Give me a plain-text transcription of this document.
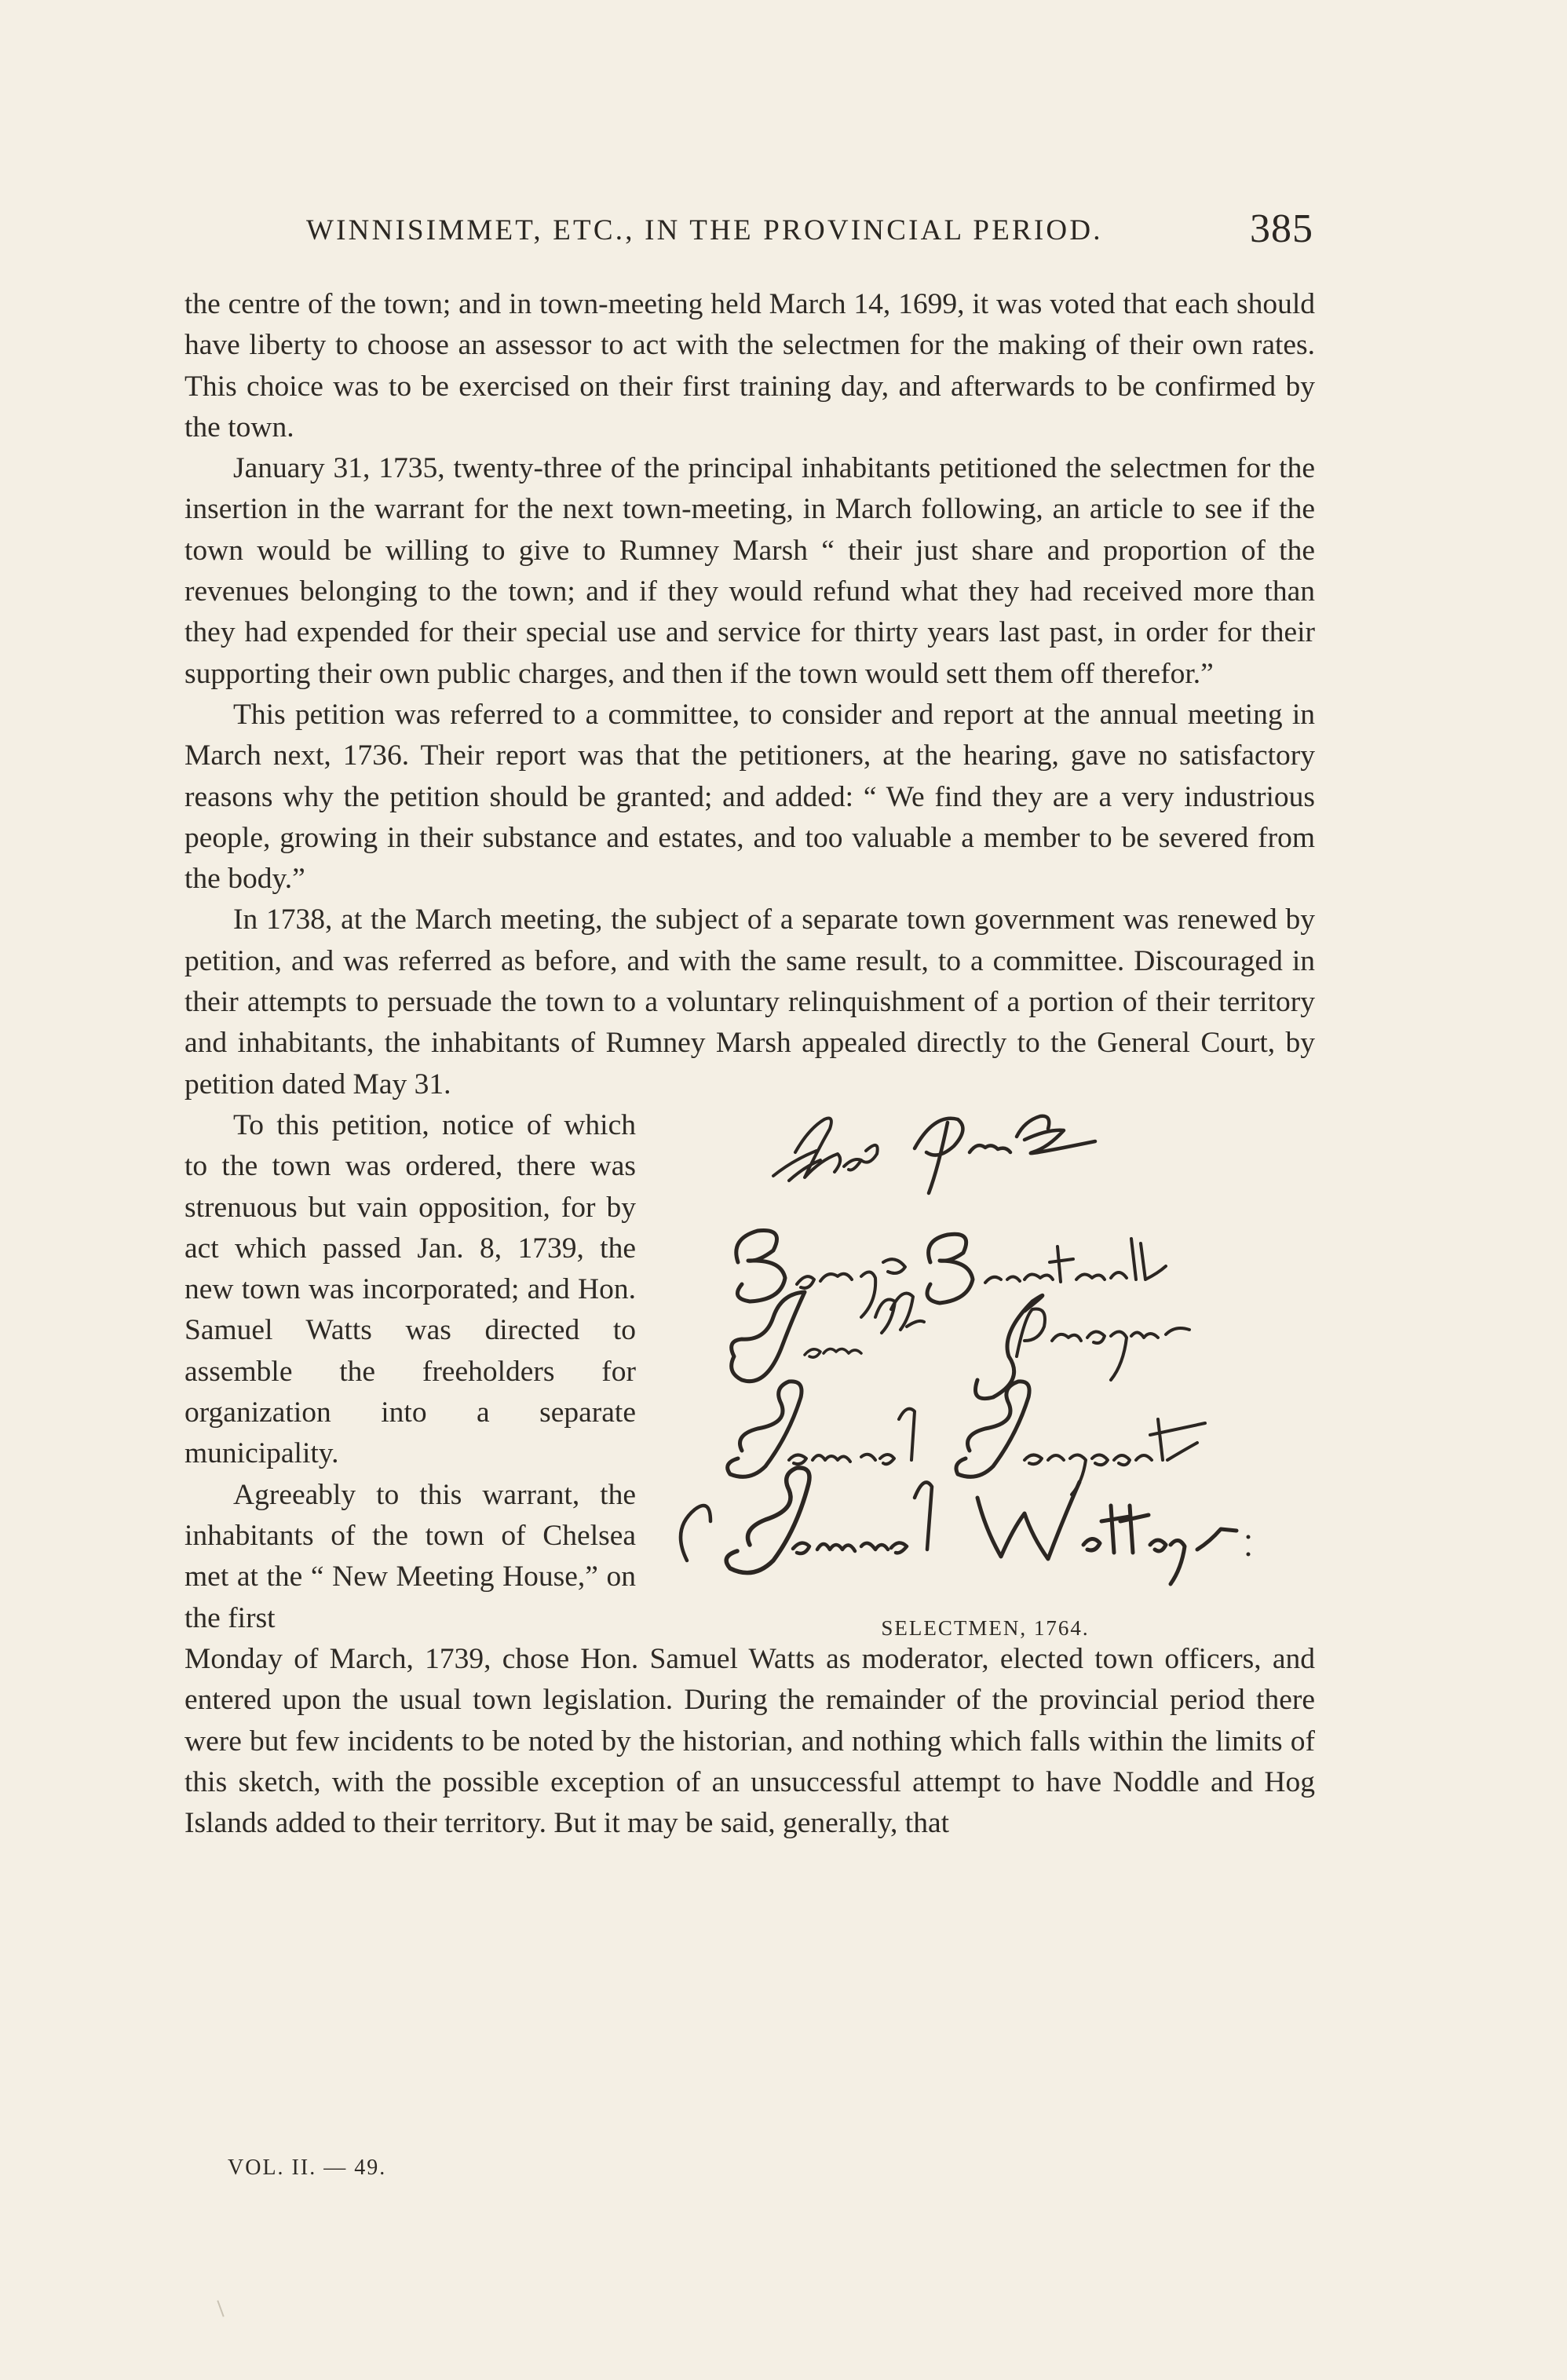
WINNISIMMET, ETC., IN THE PROVINCIAL PERIOD.	385

the centre of the town; and in town-meeting held March 14, 1699, it was voted that each should have liberty to choose an assessor to act with the selectmen for the making of their own rates. This choice was to be exercised on their first training day, and afterwards to be confirmed by the town.

January 31, 1735, twenty-three of the principal inhabitants petitioned the selectmen for the insertion in the warrant for the next town-meeting, in March following, an article to see if the town would be willing to give to Rumney Marsh “ their just share and proportion of the revenues belonging to the town; and if they would refund what they had received more than they had expended for their special use and service for thirty years last past, in order for their supporting their own public charges, and then if the town would sett them off therefor.”

This petition was referred to a committee, to consider and report at the annual meeting in March next, 1736. Their report was that the petitioners, at the hearing, gave no satisfactory reasons why the petition should be granted; and added: “ We find they are a very industrious people, growing in their substance and estates, and too valuable a member to be severed from the body.”

In 1738, at the March meeting, the subject of a separate town government was renewed by petition, and was referred as before, and with the same result, to a committee. Discouraged in their attempts to persuade the town to a voluntary relinquishment of a portion of their territory and inhabitants, the inhabitants of Rumney Marsh appealed directly to the General Court, by petition dated May 31.

SELECTMEN, 1764.

To this petition, notice of which to the town was ordered, there was strenuous but vain opposition, for by act which passed Jan. 8, 1739, the new town was incorporated; and Hon. Samuel Watts was directed to assemble the freeholders for organization into a separate municipality.

Agreeably to this warrant, the inhabitants of the town of Chelsea met at the “ New Meeting House,” on the first

Monday of March, 1739, chose Hon. Samuel Watts as moderator, elected town officers, and entered upon the usual town legislation. During the remainder of the provincial period there were but few incidents to be noted by the historian, and nothing which falls within the limits of this sketch, with the possible exception of an unsuccessful attempt to have Noddle and Hog Islands added to their territory. But it may be said, generally, that

VOL. II. — 49.
